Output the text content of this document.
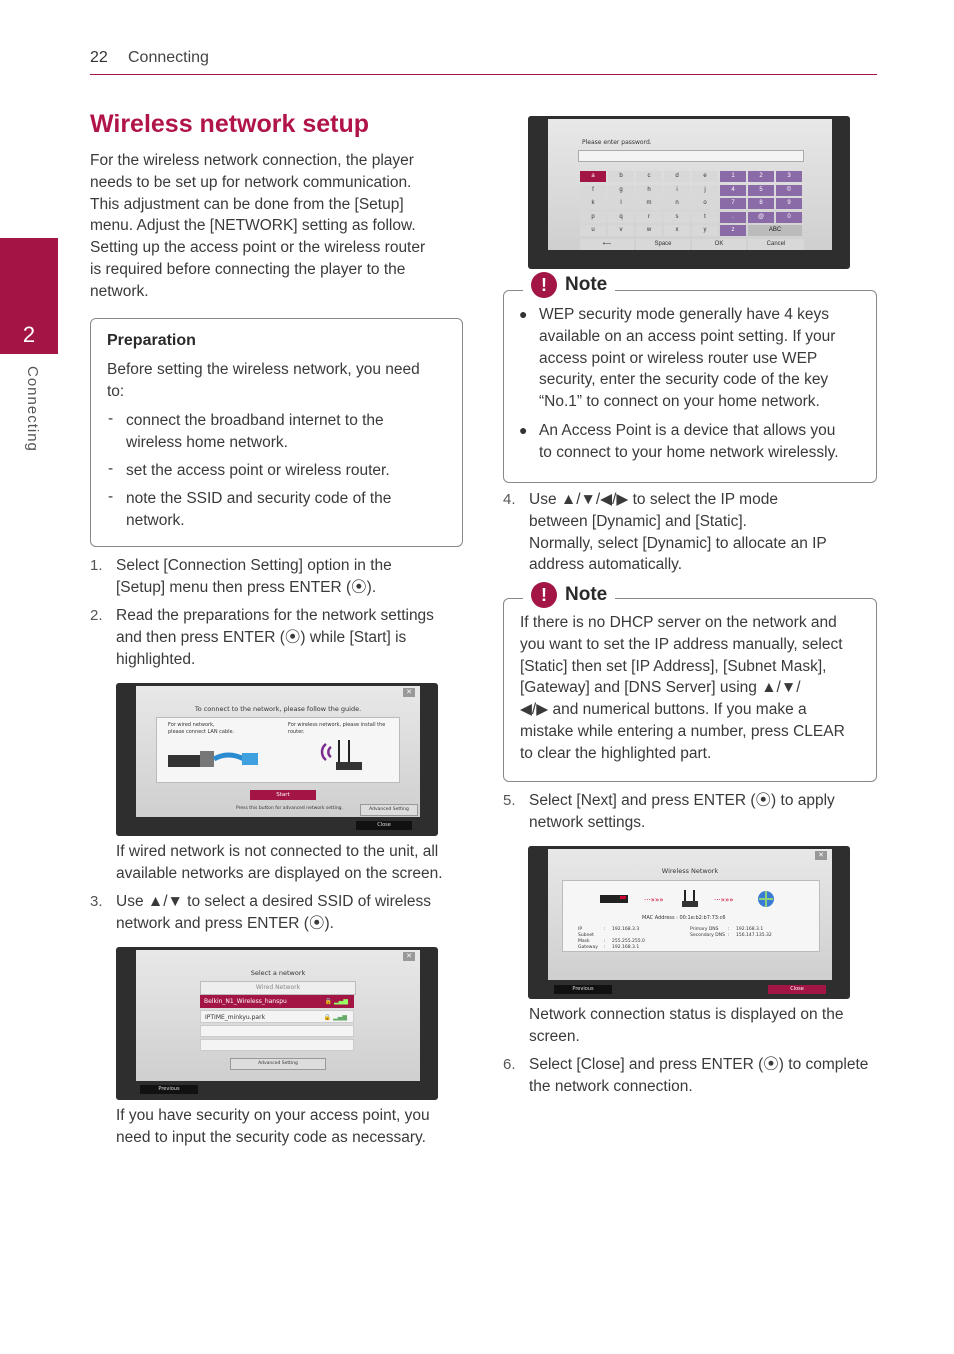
22 Connecting
2
Connecting
Wireless network setup
For the wireless network connection, the player
needs to be set up for network communication.
This adjustment can be done from the [Setup]
menu. Adjust the [NETWORK] setting as follow.
Setting up the access point or the wireless router
is required before connecting the player to the
network.
Preparation
Before setting the wireless network, you need
to:
- connect the broadband internet to the
wireless home network.
- set the access point or wireless router.
- note the SSID and security code of the
network.
1. Select [Connection Setting] option in the
[Setup] menu then press ENTER (⦿).
2. Read the preparations for the network settings
and then press ENTER (⦿) while [Start] is
highlighted.
To connect to the network, please follow the guide.
For wired network,
please connect LAN cable.
For wireless network, please install the
router.
Start
Press this button for advanced network setting.	Advanced Setting
✕
Close
If wired network is not connected to the unit, all
available networks are displayed on the screen.
3. Use ▲/▼ to select a desired SSID of wireless
network and press ENTER (⦿).
Select a network
Wired Network
Belkin_N1_Wireless_hanspu	🔒 ▂▄▆
IPTIME_minkyu.park	🔒 ▂▄▆
Advanced Setting
✕
Previous
If you have security on your access point, you
need to input the security code as necessary.
Please enter password.
a	b	c	d	e	1	2	3
f	g	h	i	j	4	5	©
k	l	m	n	o	7	8	9
p	q	r	s	t	.	@	0
u	v	w	x	y	z	ABC
⟵	Space	OK	Cancel
! Note
● WEP security mode generally have 4 keys
available on an access point setting. If your
access point or wireless router use WEP
security, enter the security code of the key
“No.1” to connect on your home network.
● An Access Point is a device that allows you
to connect to your home network wirelessly.
4. Use ▲/▼/◀/▶ to select the IP mode
between [Dynamic] and [Static].
Normally, select [Dynamic] to allocate an IP
address automatically.
! Note
If there is no DHCP server on the network and
you want to set the IP address manually, select
[Static] then set [IP Address], [Subnet Mask],
[Gateway] and [DNS Server] using ▲/▼/
◀/▶ and numerical buttons. If you make a
mistake while entering a number, press CLEAR
to clear the highlighted part.
5. Select [Next] and press ENTER (⦿) to apply
network settings.
Wireless Network
···»»»	···»»»
MAC Address : 00:1e:b2:b7:73:c6
IP	: 192.168.3.3
Subnet Mask	: 255.255.255.0
Gateway : 192.168.3.1
Primary DNS : 192.168.3.1
Secondary DNS : 156.147.135.32
✕
Previous	Close
Network connection status is displayed on the
screen.
6. Select [Close] and press ENTER (⦿) to complete
the network connection.
